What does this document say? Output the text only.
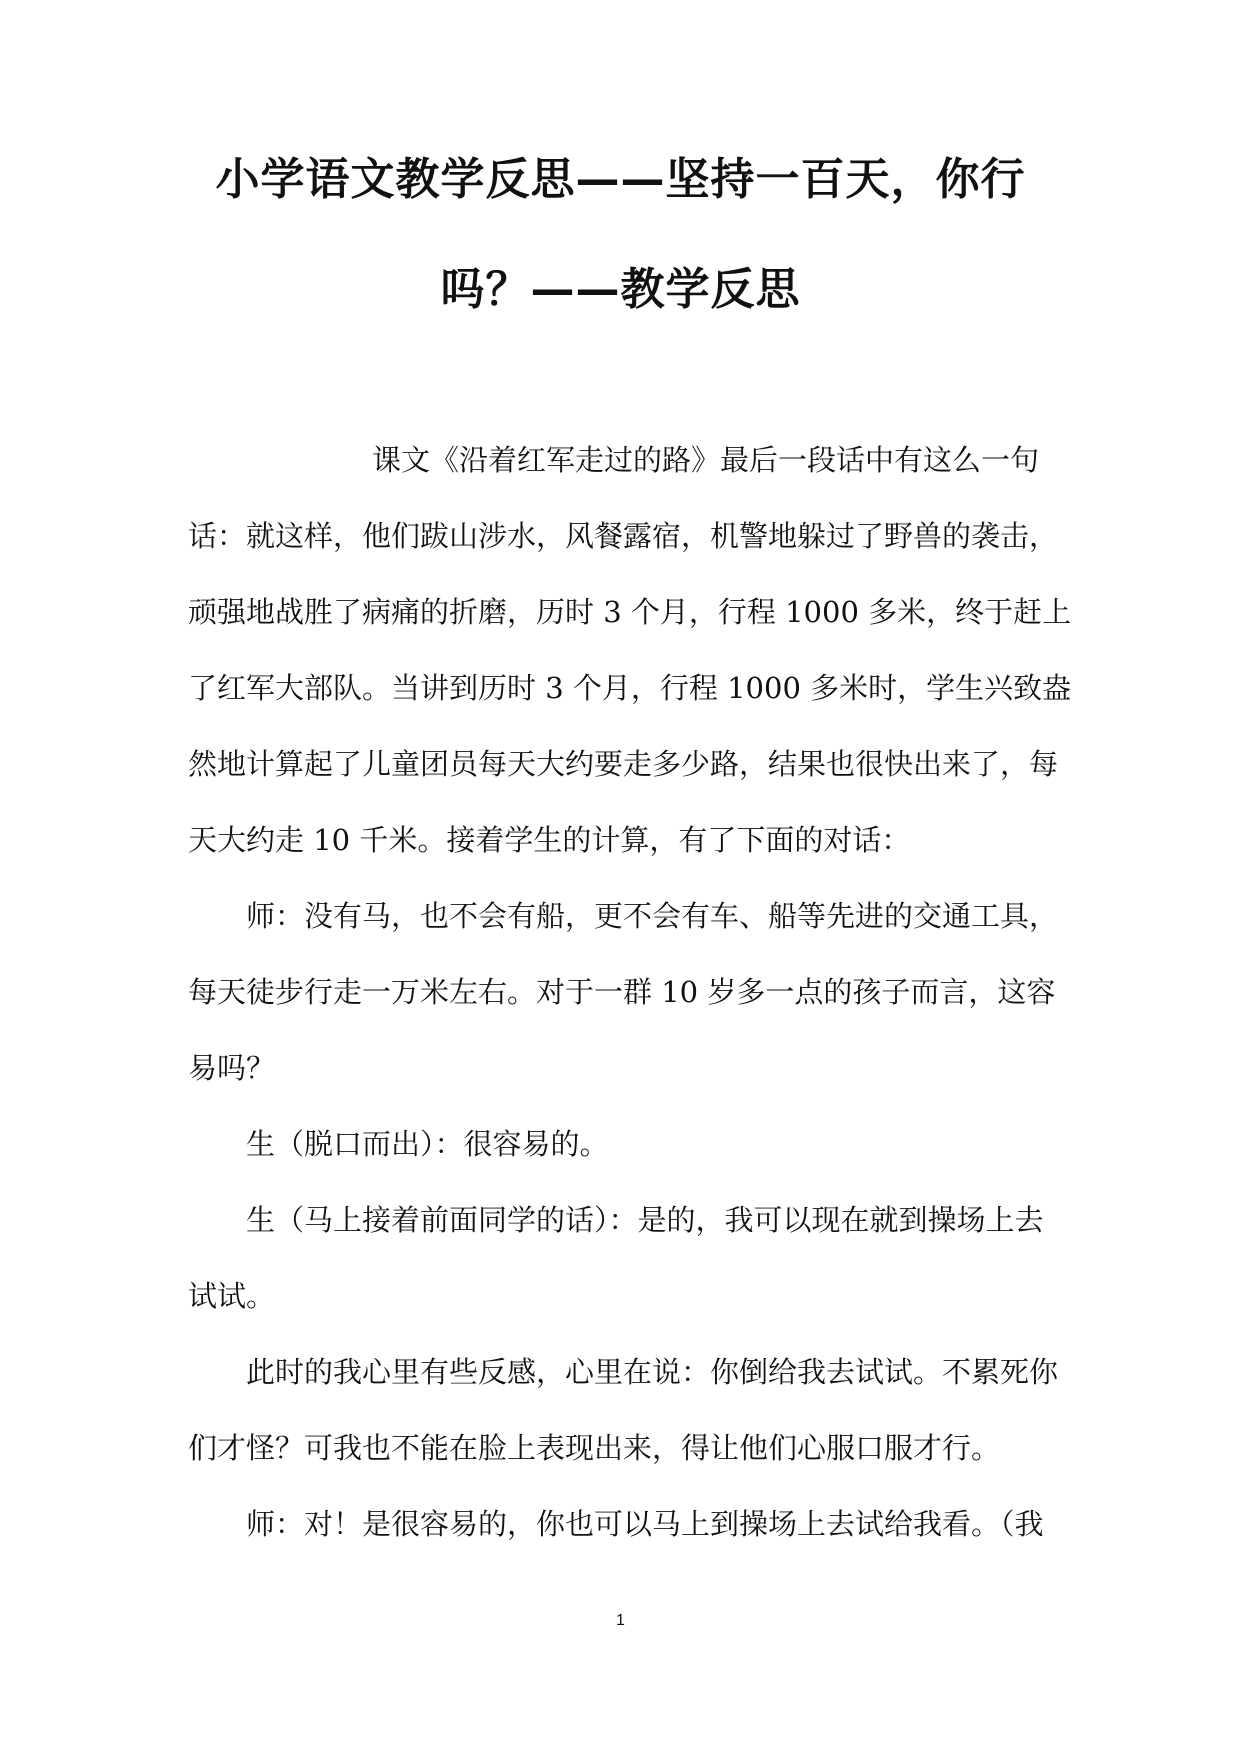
小学语文教学反思——坚持一百天，你行
吗？——教学反思
课文《沿着红军走过的路》最后一段话中有这么一句
话：就这样，他们跋山涉水，风餐露宿，机警地躲过了野兽的袭击，
顽强地战胜了病痛的折磨，历时 3 个月，行程 1000 多米，终于赶上
了红军大部队。当讲到历时 3 个月，行程 1000 多米时，学生兴致盎
然地计算起了儿童团员每天大约要走多少路，结果也很快出来了，每
天大约走 10 千米。接着学生的计算，有了下面的对话：
师：没有马，也不会有船，更不会有车、船等先进的交通工具，
每天徒步行走一万米左右。对于一群 10 岁多一点的孩子而言，这容
易吗？
生（脱口而出）：很容易的。
生（马上接着前面同学的话）：是的，我可以现在就到操场上去
试试。
此时的我心里有些反感，心里在说：你倒给我去试试。不累死你
们才怪？可我也不能在脸上表现出来，得让他们心服口服才行。
师：对！是很容易的，你也可以马上到操场上去试给我看。（我
1
